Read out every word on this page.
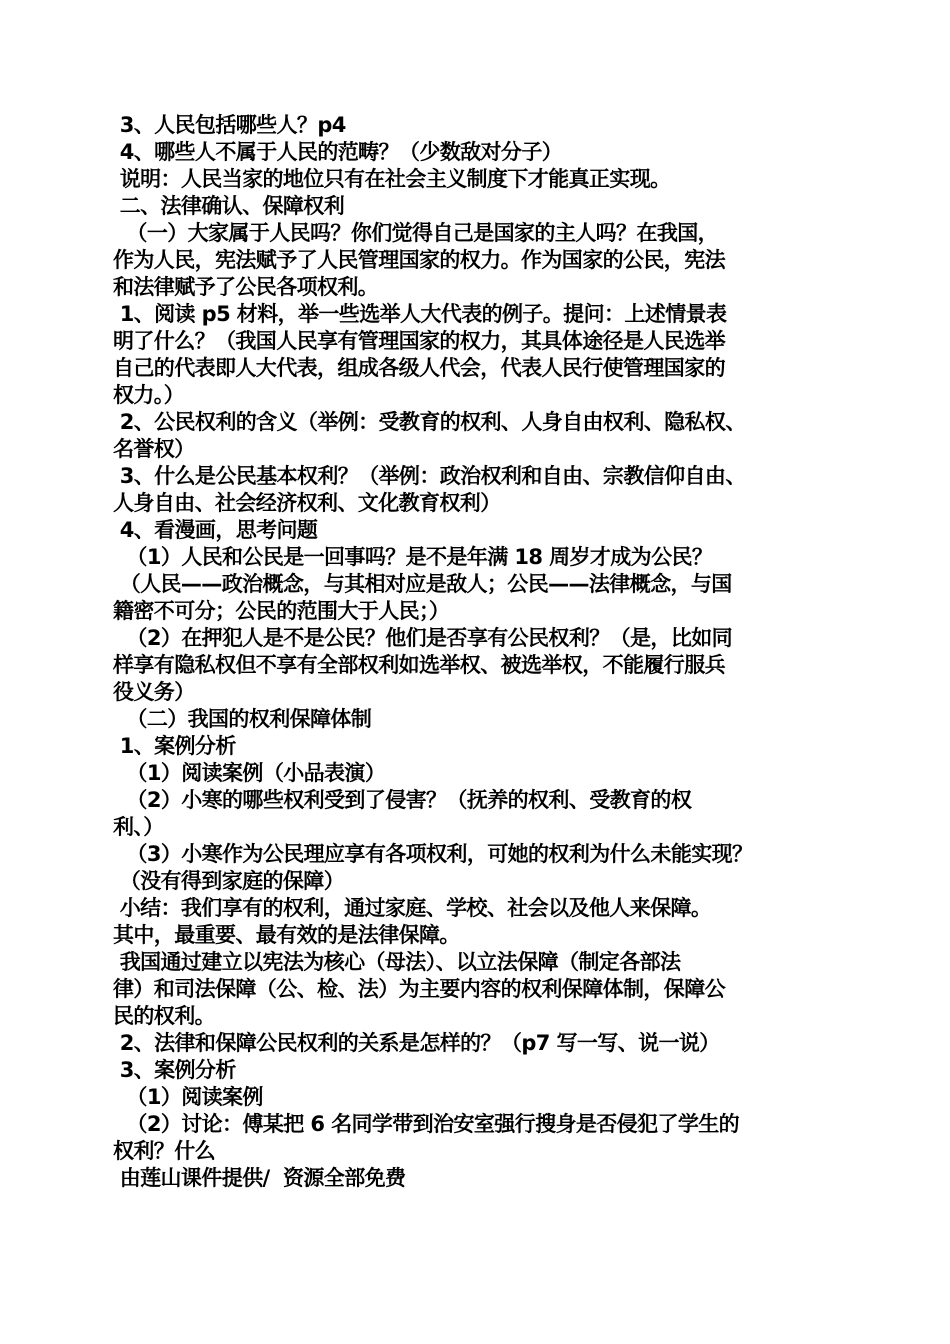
3、人民包括哪些人？p4
4、哪些人不属于人民的范畴？（少数敌对分子）
说明：人民当家的地位只有在社会主义制度下才能真正实现。
二、法律确认、保障权利
（一）大家属于人民吗？你们觉得自己是国家的主人吗？在我国，
作为人民，宪法赋予了人民管理国家的权力。作为国家的公民，宪法
和法律赋予了公民各项权利。
1、阅读 p5 材料，举一些选举人大代表的例子。提问：上述情景表
明了什么？（我国人民享有管理国家的权力，其具体途径是人民选举
自己的代表即人大代表，组成各级人代会，代表人民行使管理国家的
权力。）
2、公民权利的含义（举例：受教育的权利、人身自由权利、隐私权、
名誉权）
3、什么是公民基本权利？（举例：政治权利和自由、宗教信仰自由、
人身自由、社会经济权利、文化教育权利）
4、看漫画，思考问题
（1）人民和公民是一回事吗？是不是年满 18 周岁才成为公民？
（人民——政治概念，与其相对应是敌人；公民——法律概念，与国
籍密不可分；公民的范围大于人民；）
（2）在押犯人是不是公民？他们是否享有公民权利？（是，比如同
样享有隐私权但不享有全部权利如选举权、被选举权，不能履行服兵
役义务）
（二）我国的权利保障体制
1、案例分析
（1）阅读案例（小品表演）
（2）小寒的哪些权利受到了侵害？（抚养的权利、受教育的权
利、）
（3）小寒作为公民理应享有各项权利，可她的权利为什么未能实现？
（没有得到家庭的保障）
小结：我们享有的权利，通过家庭、学校、社会以及他人来保障。
其中，最重要、最有效的是法律保障。
我国通过建立以宪法为核心（母法）、以立法保障（制定各部法
律）和司法保障（公、检、法）为主要内容的权利保障体制，保障公
民的权利。
2、法律和保障公民权利的关系是怎样的？（p7 写一写、说一说）
3、案例分析
（1）阅读案例
（2）讨论：傅某把 6 名同学带到治安室强行搜身是否侵犯了学生的
权利？什么
由莲山课件提供/  资源全部免费
